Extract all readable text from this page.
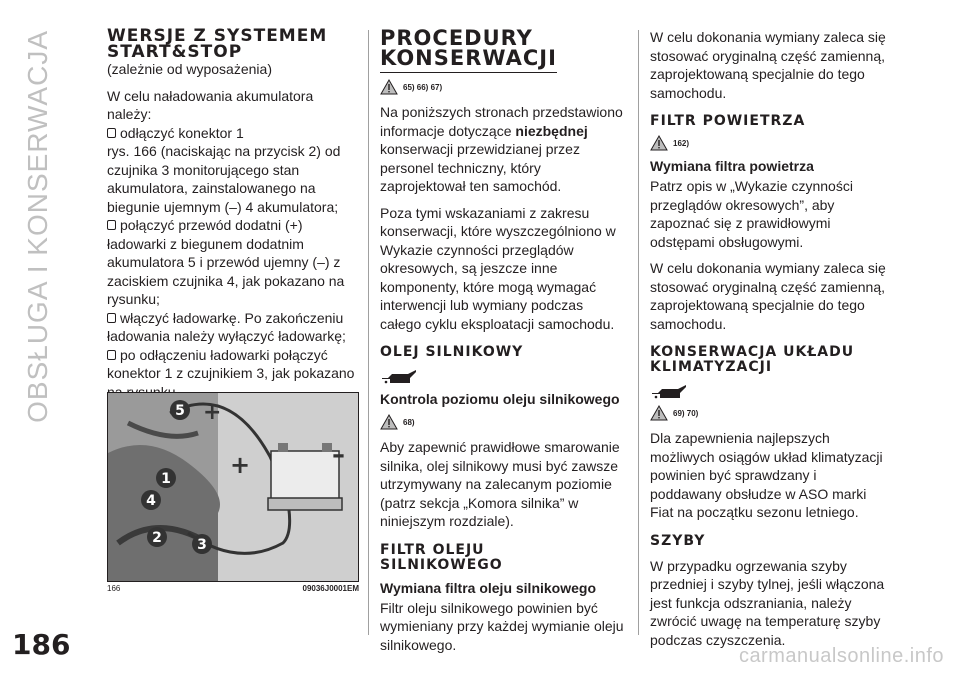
OBSŁUGA I KONSERWACJA	WERSJE Z SYSTEMEM
START&STOP

(zależnie od wyposażenia)

W celu naładowania akumulatora należy:

odłączyć konektor 1
rys. 166 (naciskając na przycisk 2) od czujnika 3 monitorującego stan akumulatora, zainstalowanego na biegunie ujemnym (–) 4 akumulatora;
połączyć przewód dodatni (+)
ładowarki z biegunem dodatnim akumulatora 5 i przewód ujemny (–) z zaciskiem czujnika 4, jak pokazano na rysunku;
włączyć ładowarkę. Po zakończeniu
ładowania należy wyłączyć ładowarkę;
po odłączeniu ładowarki połączyć
konektor 1 z czujnikiem 3, jak pokazano
5
1
4
2	3
+
+	–
166	09036J0001EM
PROCEDURY
KONSERWACJI
65) 66) 67)

Na poniższych stronach przedstawiono informacje dotyczące niezbędnej konserwacji przewidzianej przez personel techniczny, który zaprojektował ten samochód.

Poza tymi wskazaniami z zakresu konserwacji, które wyszczególniono w Wykazie czynności przeglądów okresowych, są jeszcze inne komponenty, które mogą wymagać interwencji lub wymiany podczas całego cyklu eksploatacji samochodu.

OLEJ SILNIKOWY
Kontrola poziomu oleju silnikowego
68)

Aby zapewnić prawidłowe smarowanie silnika, olej silnikowy musi być zawsze utrzymywany na zalecanym poziomie (patrz sekcja „Komora silnika” w niniejszym rozdziale).

FILTR OLEJU
SILNIKOWEGO
Wymiana filtra oleju silnikowego

Filtr oleju silnikowego powinien być wymieniany przy każdej wymianie oleju silnikowego.

W celu dokonania wymiany zaleca się stosować oryginalną część zamienną, zaprojektowaną specjalnie do tego samochodu.

FILTR POWIETRZA
162)
Wymiana filtra powietrza

Patrz opis w „Wykazie czynności przeglądów okresowych”, aby zapoznać się z prawidłowymi odstępami obsługowymi.

W celu dokonania wymiany zaleca się stosować oryginalną część zamienną, zaprojektowaną specjalnie do tego samochodu.

KONSERWACJA UKŁADU
KLIMATYZACJI
69) 70)

Dla zapewnienia najlepszych możliwych osiągów układ klimatyzacji powinien być sprawdzany i poddawany obsłudze w ASO marki Fiat na początku sezonu letniego.

SZYBY

W przypadku ogrzewania szyby przedniej i szyby tylnej, jeśli włączona jest funkcja odszraniania, należy zwrócić uwagę na temperaturę szyby podczas czyszczenia.

186	carmanualsonline.info
